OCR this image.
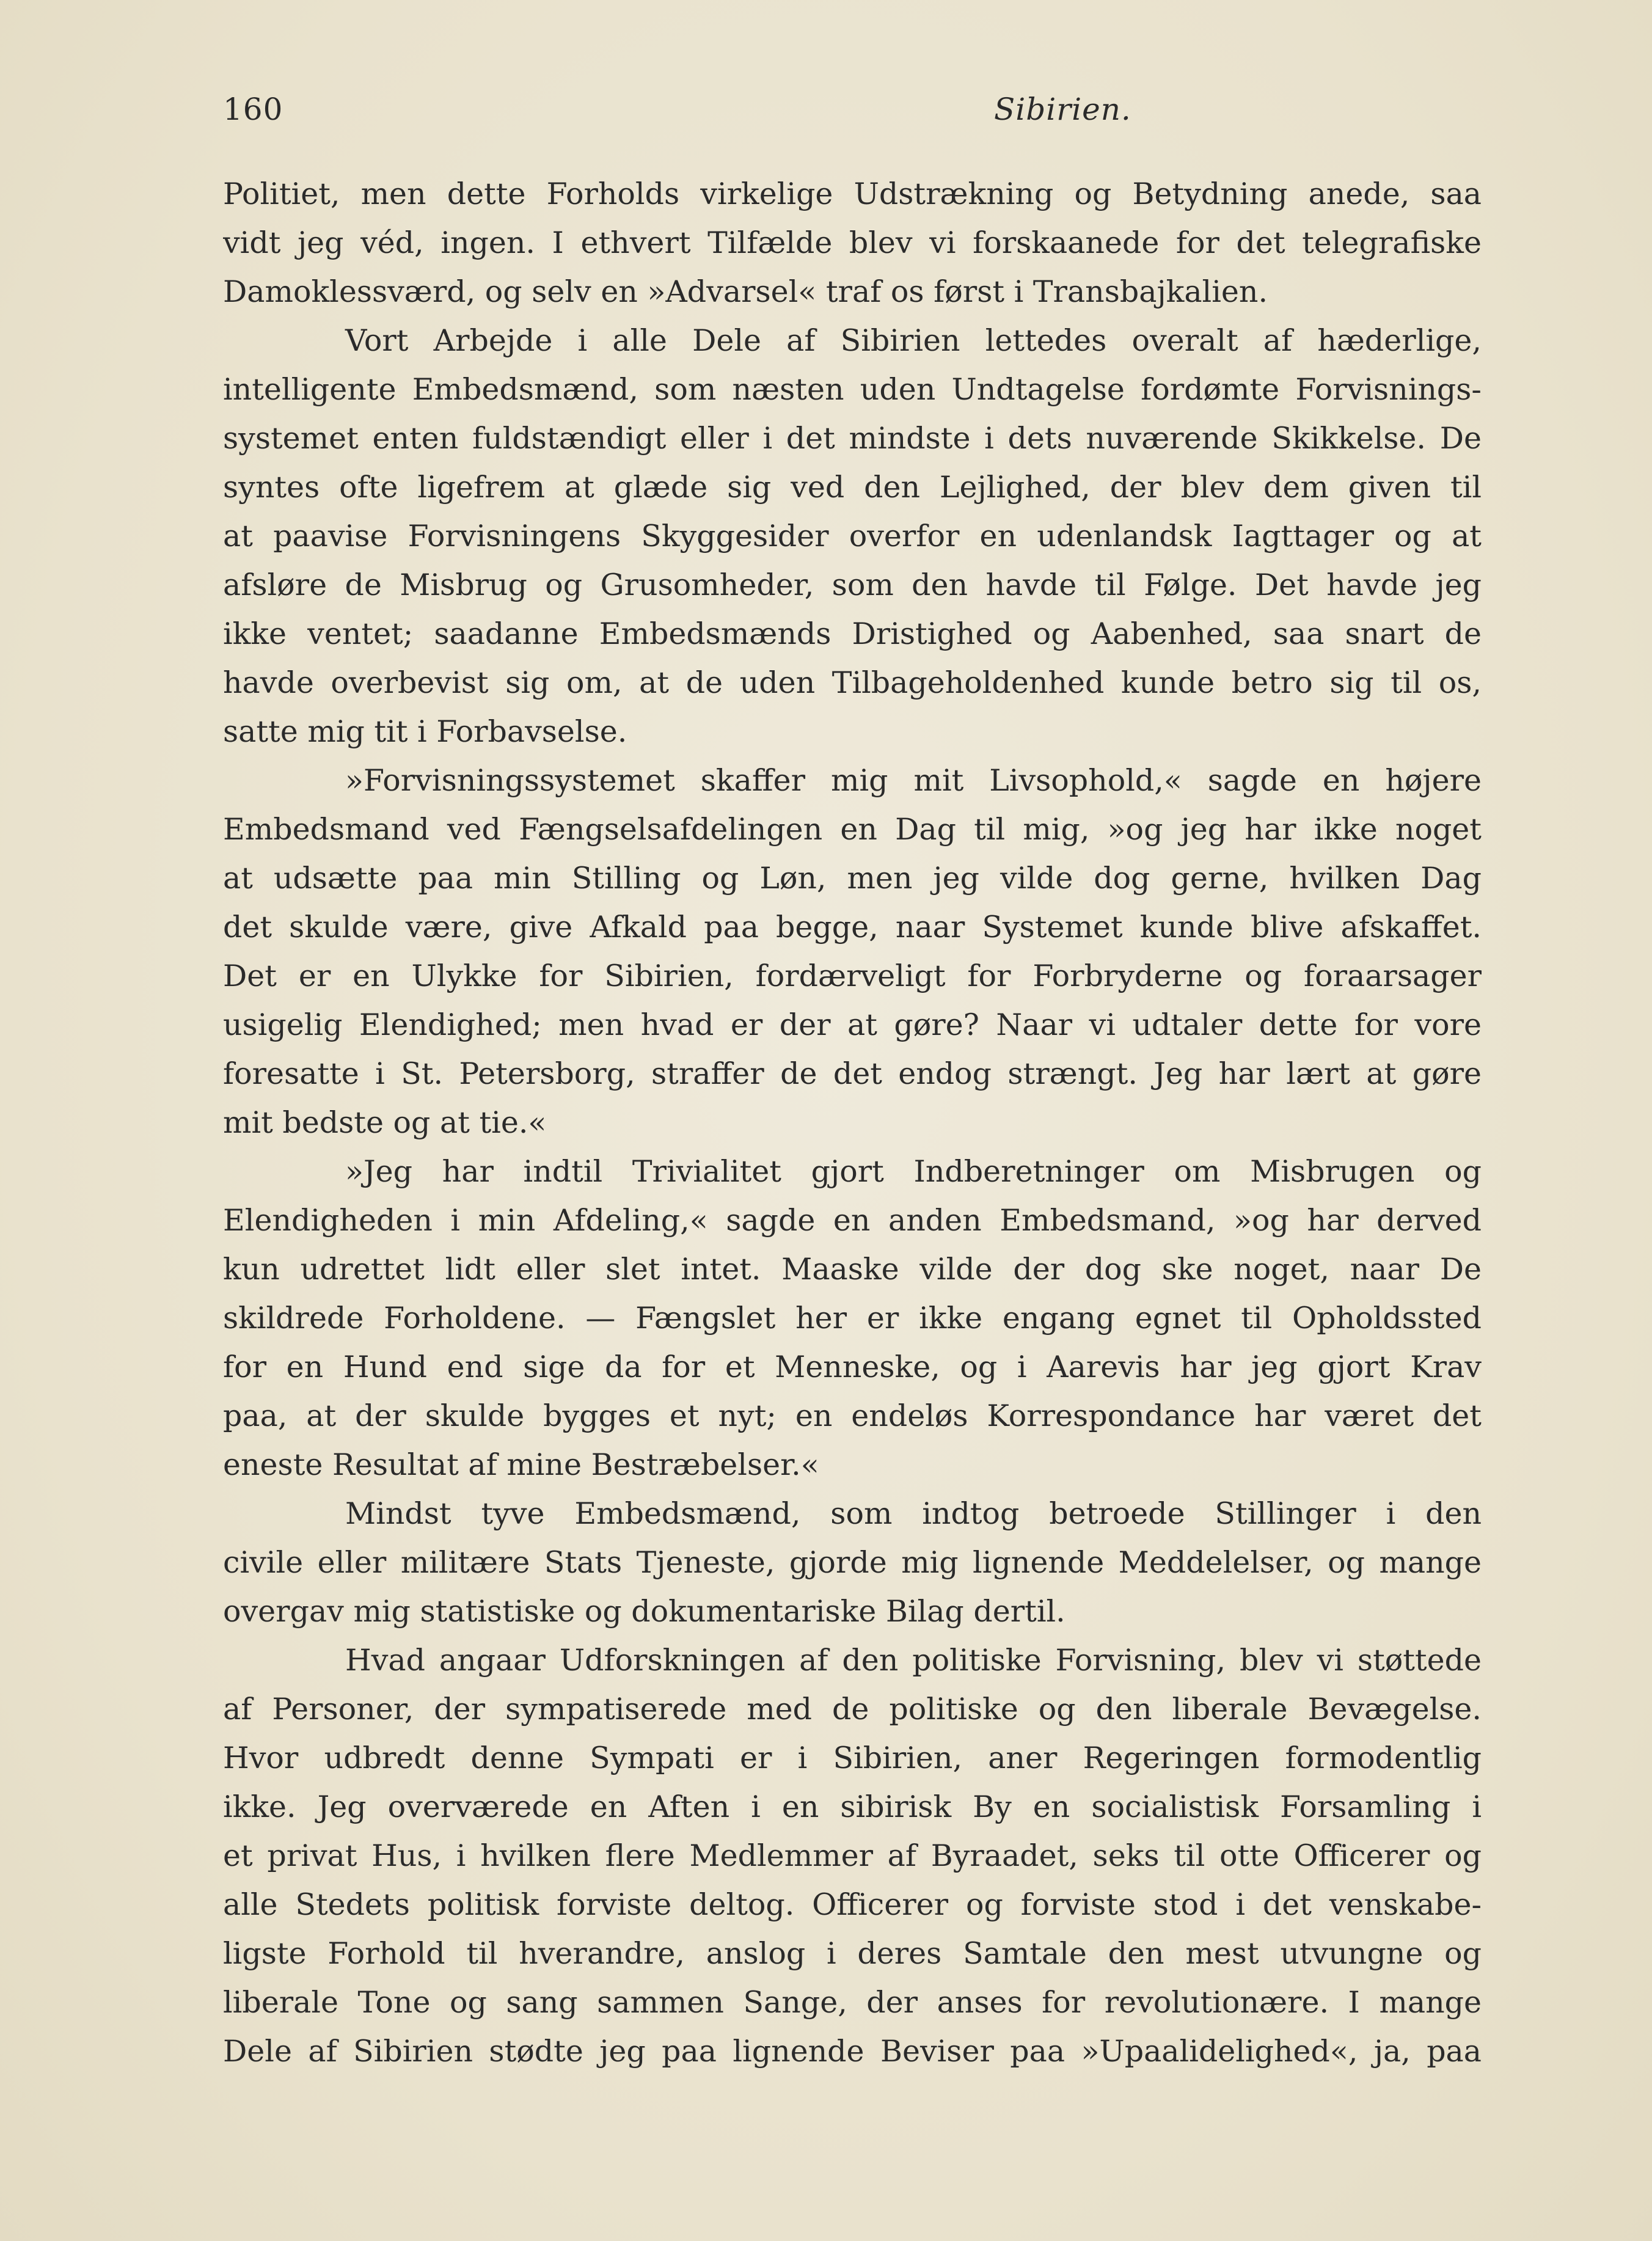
160	Sibirien.
Politiet, men dette Forholds virkelige Udstrækning og Betydning anede, saa
vidt jeg véd, ingen. I ethvert Tilfælde blev vi forskaanede for det telegrafiske
Damoklessværd, og selv en »Advarsel« traf os først i Transbajkalien.
Vort Arbejde i alle Dele af Sibirien lettedes overalt af hæderlige,
intelligente Embedsmænd, som næsten uden Undtagelse fordømte Forvisnings-
systemet enten fuldstændigt eller i det mindste i dets nuværende Skikkelse. De
syntes ofte ligefrem at glæde sig ved den Lejlighed, der blev dem given til
at paavise Forvisningens Skyggesider overfor en udenlandsk Iagttager og at
afsløre de Misbrug og Grusomheder, som den havde til Følge. Det havde jeg
ikke ventet; saadanne Embedsmænds Dristighed og Aabenhed, saa snart de
havde overbevist sig om, at de uden Tilbageholdenhed kunde betro sig til os,
satte mig tit i Forbavselse.
»Forvisningssystemet skaffer mig mit Livsophold,« sagde en højere
Embedsmand ved Fængselsafdelingen en Dag til mig, »og jeg har ikke noget
at udsætte paa min Stilling og Løn, men jeg vilde dog gerne, hvilken Dag
det skulde være, give Afkald paa begge, naar Systemet kunde blive afskaffet.
Det er en Ulykke for Sibirien, fordærveligt for Forbryderne og foraarsager
usigelig Elendighed; men hvad er der at gøre? Naar vi udtaler dette for vore
foresatte i St. Petersborg, straffer de det endog strængt. Jeg har lært at gøre
mit bedste og at tie.«
»Jeg har indtil Trivialitet gjort Indberetninger om Misbrugen og
Elendigheden i min Afdeling,« sagde en anden Embedsmand, »og har derved
kun udrettet lidt eller slet intet. Maaske vilde der dog ske noget, naar De
skildrede Forholdene. — Fængslet her er ikke engang egnet til Opholdssted
for en Hund end sige da for et Menneske, og i Aarevis har jeg gjort Krav
paa, at der skulde bygges et nyt; en endeløs Korrespondance har været det
eneste Resultat af mine Bestræbelser.«
Mindst tyve Embedsmænd, som indtog betroede Stillinger i den
civile eller militære Stats Tjeneste, gjorde mig lignende Meddelelser, og mange
overgav mig statistiske og dokumentariske Bilag dertil.
Hvad angaar Udforskningen af den politiske Forvisning, blev vi støttede
af Personer, der sympatiserede med de politiske og den liberale Bevægelse.
Hvor udbredt denne Sympati er i Sibirien, aner Regeringen formodentlig
ikke. Jeg overværede en Aften i en sibirisk By en socialistisk Forsamling i
et privat Hus, i hvilken flere Medlemmer af Byraadet, seks til otte Officerer og
alle Stedets politisk forviste deltog. Officerer og forviste stod i det venskabe-
ligste Forhold til hverandre, anslog i deres Samtale den mest utvungne og
liberale Tone og sang sammen Sange, der anses for revolutionære. I mange
Dele af Sibirien stødte jeg paa lignende Beviser paa »Upaalidelighed«, ja, paa
